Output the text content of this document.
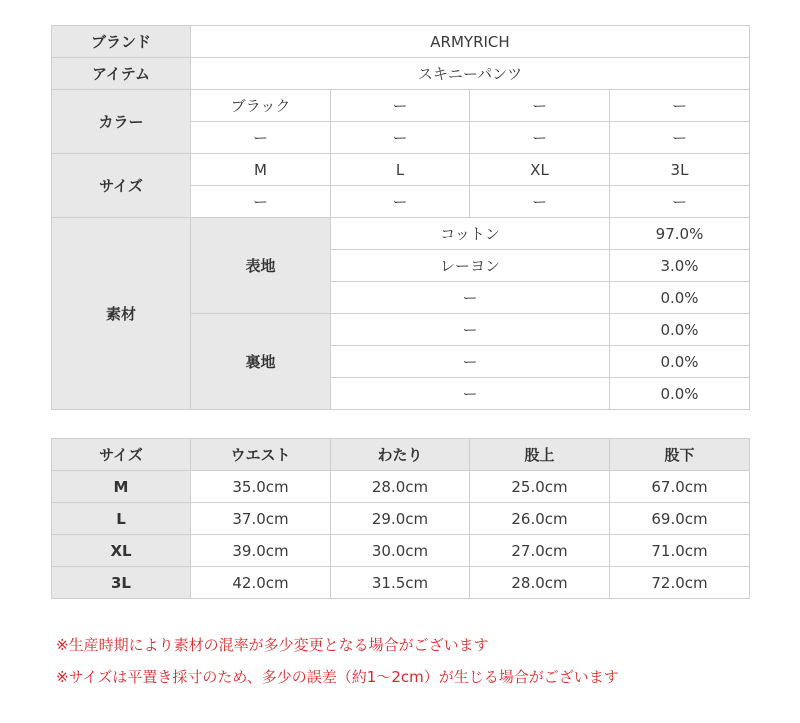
ブランド	ARMYRICH			
アイテム	スキニーパンツ			
カラー	ブラック	ー	ー	ー
	ー	ー	ー	ー
サイズ	M	L	XL	3L
	ー	ー	ー	ー
素材	表地	コットン		97.0%
		レーヨン		3.0%
		ー		0.0%
	裏地	ー		0.0%
		ー		0.0%
		ー		0.0%
サイズ	ウエスト	わたり	股上	股下
M	35.0cm	28.0cm	25.0cm	67.0cm
L	37.0cm	29.0cm	26.0cm	69.0cm
XL	39.0cm	30.0cm	27.0cm	71.0cm
3L	42.0cm	31.5cm	28.0cm	72.0cm
※生産時期により素材の混率が多少変更となる場合がございます
※サイズは平置き採寸のため、多少の誤差（約1～2cm）が生じる場合がございます
